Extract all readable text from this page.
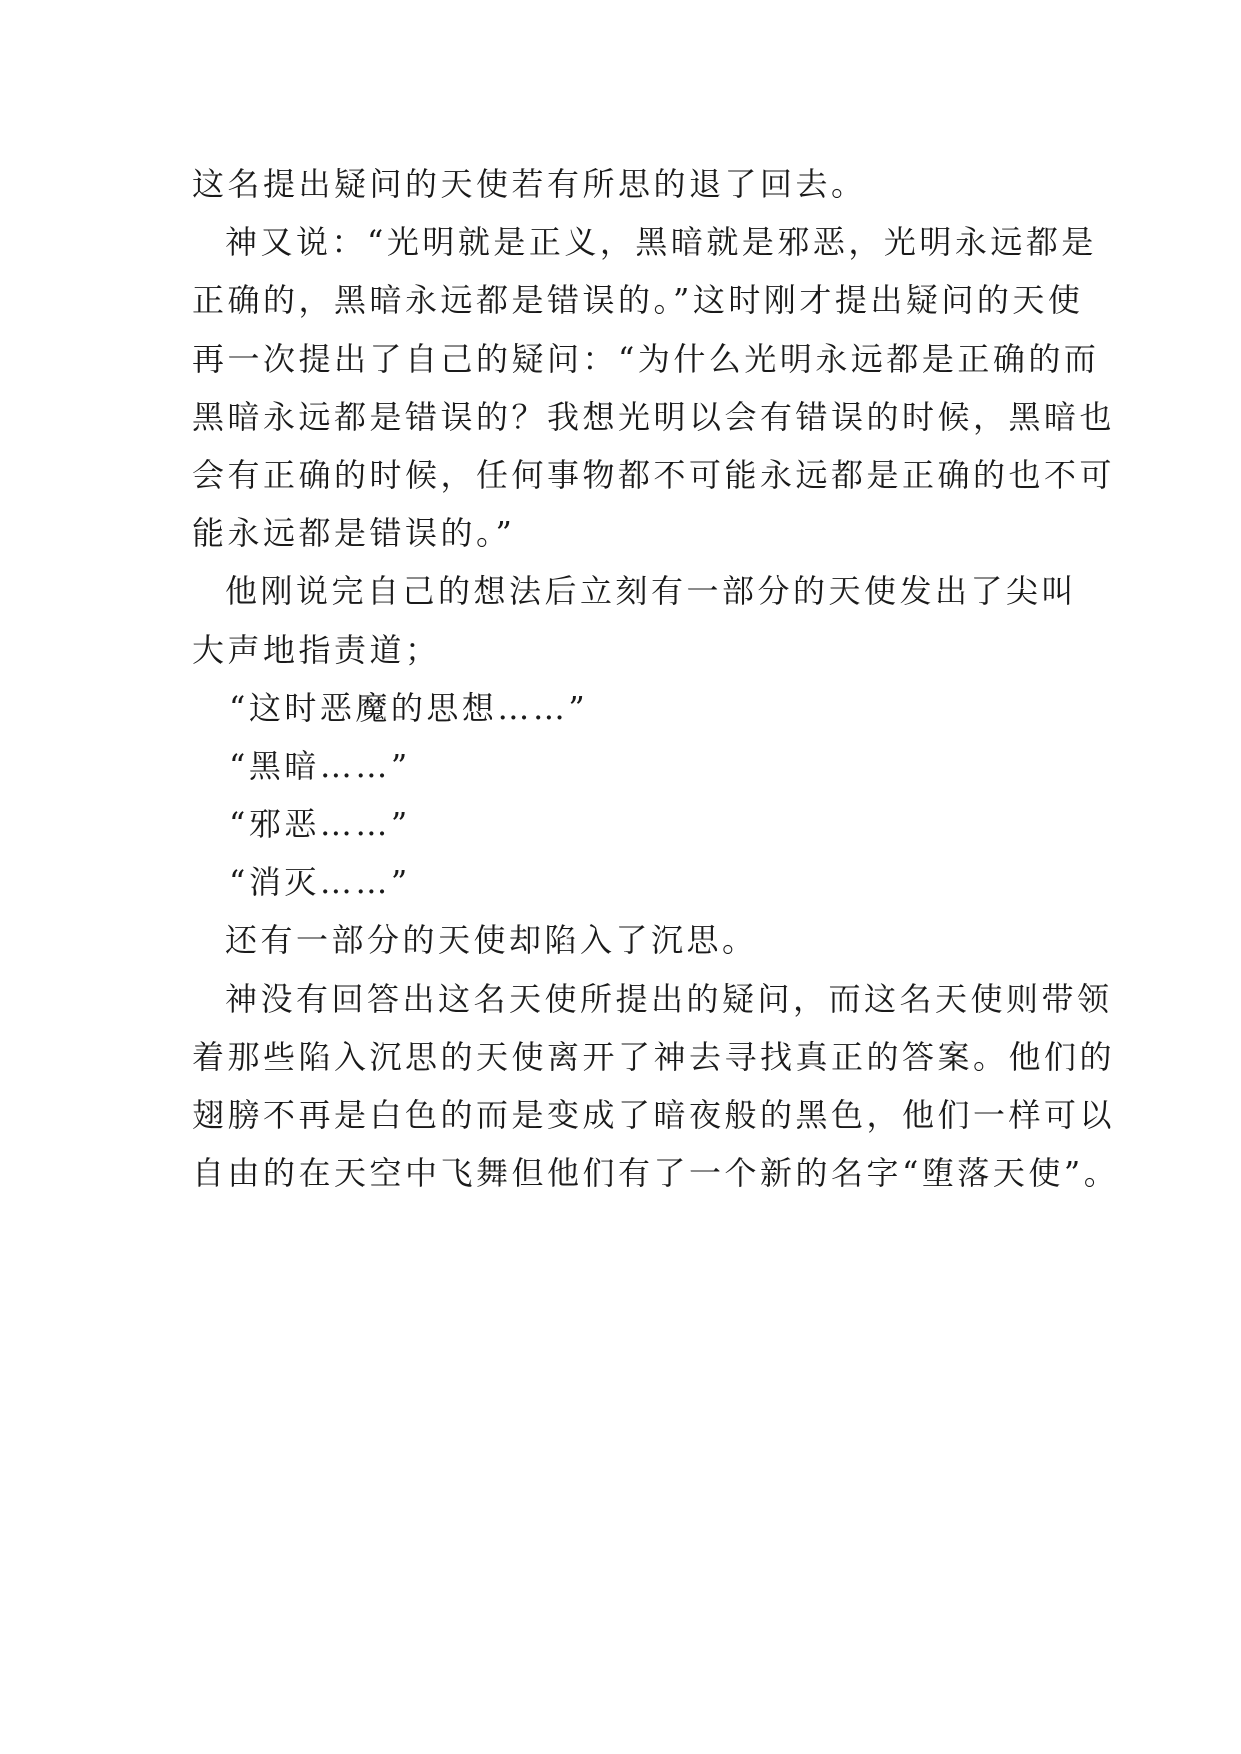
这名提出疑问的天使若有所思的退了回去。

神又说：“光明就是正义，黑暗就是邪恶，光明永远都是

正确的，黑暗永远都是错误的。”这时刚才提出疑问的天使

再一次提出了自己的疑问：“为什么光明永远都是正确的而

黑暗永远都是错误的？我想光明以会有错误的时候，黑暗也

会有正确的时候，任何事物都不可能永远都是正确的也不可

能永远都是错误的。”

他刚说完自己的想法后立刻有一部分的天使发出了尖叫

大声地指责道；

“这时恶魔的思想……”

“黑暗……”

“邪恶……”

“消灭……”

还有一部分的天使却陷入了沉思。

神没有回答出这名天使所提出的疑问，而这名天使则带领

着那些陷入沉思的天使离开了神去寻找真正的答案。他们的

翅膀不再是白色的而是变成了暗夜般的黑色，他们一样可以

自由的在天空中飞舞但他们有了一个新的名字“堕落天使”。
